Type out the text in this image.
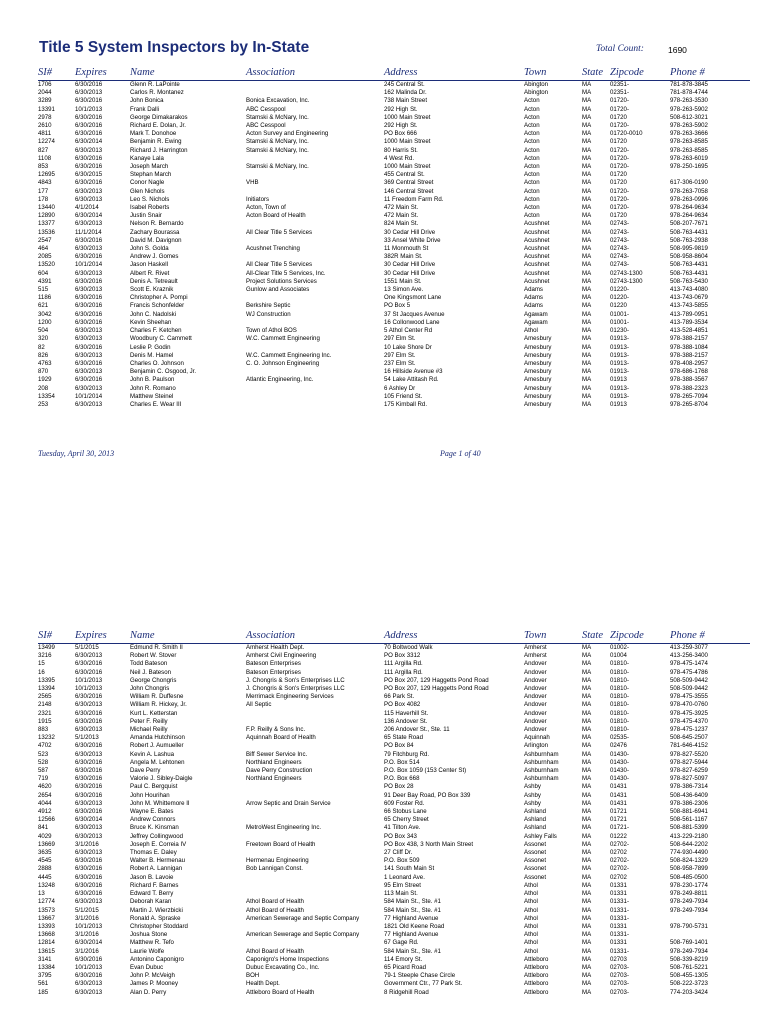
Title 5 System Inspectors by In-State	Total Count:	1690
SI#	Expires	Name	Association	Address	Town	State	Zipcode	Phone #
1706	6/30/2016	Glenn R. LaPointe		245 Central St.	Abington	MA	02351-	781-878-3845
2044	6/30/2013	Carlos R. Montanez		162 Malinda Dr.	Abington	MA	02351-	781-878-4744
3289	6/30/2016	John Bonica	Bonica Excavation, Inc.	738 Main Street	Acton	MA	01720-	978-263-3530
13391	10/1/2013	Frank Dalli	ABC Cesspool	292 High St.	Acton	MA	01720-	978-263-5902
2978	6/30/2016	George Dimakarakos	Stamski & McNary, Inc.	1000 Main Street	Acton	MA	01720	508-612-3021
2610	6/30/2016	Richard E. Dolan, Jr.	ABC Cesspool	292 High St.	Acton	MA	01720-	978-263-5902
4811	6/30/2016	Mark T. Donohoe	Acton Survey and Engineering	PO Box 666	Acton	MA	01720-0010	978-263-3666
12274	6/30/2014	Benjamin R. Ewing	Stamski & McNary, Inc.	1000 Main Street	Acton	MA	01720	978-263-8585
827	6/30/2013	Richard J. Harrington	Stamski & McNary, Inc.	80 Harris St.	Acton	MA	01720-	978-263-8585
1108	6/30/2016	Kanaye Lala		4 West Rd.	Acton	MA	01720-	978-263-6019
853	6/30/2016	Joseph March	Stamski & McNary, Inc.	1000 Main Street	Acton	MA	01720-	978-250-1695
12695	6/30/2015	Stephan March		455 Central St.	Acton	MA	01720	
4843	6/30/2016	Conor Nagle	VHB	369 Central Street	Acton	MA	01720	617-306-0190
177	6/30/2013	Glen Nichols		146 Central Street	Acton	MA	01720-	978-263-7058
178	6/30/2013	Leo S. Nichols	Initiators	11 Freedom Farm Rd.	Acton	MA	01720-	978-263-0996
13440	4/1/2014	Isabel Roberts	Acton, Town of	472 Main St.	Acton	MA	01720-	978-264-9634
12890	6/30/2014	Justin Snair	Acton Board of Health	472 Main St.	Acton	MA	01720	978-264-9634
13377	6/30/2013	Nelson R. Bernardo		824 Main St.	Acushnet	MA	02743-	508-207-7671
13536	11/1/2014	Zachary Bourassa	All Clear Title 5 Services	30 Cedar Hill Drive	Acushnet	MA	02743-	508-763-4431
2547	6/30/2016	David M. Davignon		33 Ansel White Drive	Acushnet	MA	02743-	508-763-2938
464	6/30/2013	John S. Golda	Acushnet Trenching	11 Monmouth St	Acushnet	MA	02743-	508-995-9819
2085	6/30/2016	Andrew J. Gomes		382R Main St.	Acushnet	MA	02743-	508-958-8604
13520	10/1/2014	Jason Haskell	All Clear Title 5 Services	30 Cedar Hill Drive	Acushnet	MA	02743-	508-763-4431
604	6/30/2013	Albert R. Rivet	All-Clear Title 5 Services, Inc.	30 Cedar Hill Drive	Acushnet	MA	02743-1300	508-763-4431
4391	6/30/2016	Denis A. Tetreault	Project Solutions Services	1551 Main St.	Acushnet	MA	02743-1300	508-763-5430
515	6/30/2013	Scott E. Kraznik	Gunlow and Associates	13 Simon Ave.	Adams	MA	01220-	413-743-4080
1186	6/30/2016	Christopher A. Pompi		One Kingsmont Lane	Adams	MA	01220-	413-743-0679
621	6/30/2016	Francis Schonfelder	Berkshire Septic	PO Box 5	Adams	MA	01220	413-743-5855
3042	6/30/2016	John C. Nadolski	WJ Construction	37 St Jacques Avenue	Agawam	MA	01001-	413-789-0951
1200	6/30/2016	Kevin Sheehan		16 Collonwood Lane	Agawam	MA	01001-	413-789-3534
504	6/30/2013	Charles F. Ketchen	Town of Athol BOS	5 Athol Center Rd	Athol	MA	01230-	413-528-4851
320	6/30/2013	Woodbury C. Cammett	W.C. Cammett Engineering	297 Elm St.	Amesbury	MA	01913-	978-388-2157
82	6/30/2016	Leslie P. Godin		10 Lake Shore Dr	Amesbury	MA	01913-	978-388-1084
826	6/30/2013	Denis M. Hamel	W.C. Cammett Engineering Inc.	297 Elm St.	Amesbury	MA	01913-	978-388-2157
4763	6/30/2016	Charles O. Johnson	C. O. Johnson Engineering	237 Elm St.	Amesbury	MA	01913-	978-408-2957
870	6/30/2013	Benjamin C. Osgood, Jr.		16 Hillside Avenue #3	Amesbury	MA	01913-	978-686-1768
1929	6/30/2016	John B. Paulson	Atlantic Engineering, Inc.	54 Lake Attitash Rd.	Amesbury	MA	01913	978-388-3567
208	6/30/2013	John R. Romano		6 Ashley Dr	Amesbury	MA	01913-	978-388-2323
13354	10/1/2014	Matthew Steinel		105 Friend St.	Amesbury	MA	01913-	978-265-7094
253	6/30/2013	Charles E. Wear III		175 Kimball Rd.	Amesbury	MA	01913	978-265-8704
Tuesday, April 30, 2013	Page 1 of 40
SI#	Expires	Name	Association	Address	Town	State	Zipcode	Phone #
13499	5/1/2015	Edmund R. Smith II	Amherst Health Dept.	70 Boltwood Walk	Amherst	MA	01002-	413-259-3077
3216	6/30/2013	Robert W. Stover	Amherst Civil Engineering	PO Box 3312	Amherst	MA	01004	413-256-3400
15	6/30/2016	Todd Bateson	Bateson Enterprises	111 Argilla Rd.	Andover	MA	01810-	978-475-1474
16	6/30/2016	Neil J. Bateson	Bateson Enterprises	111 Argilla Rd.	Andover	MA	01810-	978-475-4786
13395	10/1/2013	George Chongris	J. Chongris & Son's Enterprises LLC	PO Box 207, 129 Haggetts Pond Road	Andover	MA	01810-	508-509-9442
13394	10/1/2013	John Chongris	J. Chongris & Son's Enterprises LLC	PO Box 207, 129 Haggetts Pond Road	Andover	MA	01810-	508-509-9442
2565	6/30/2016	William R. Duffesne	Merrimack Engineering Services	66 Park St.	Andover	MA	01810-	978-475-3555
2148	6/30/2013	William R. Hickey, Jr.	All Septic	PO Box 4082	Andover	MA	01810-	978-470-0760
2321	6/30/2016	Kurt L. Ketterstan		115 Haverhill St.	Andover	MA	01810-	978-475-3925
1915	6/30/2016	Peter F. Reilly		136 Andover St.	Andover	MA	01810-	978-475-4370
883	6/30/2013	Michael Reilly	F.P. Reilly & Sons Inc.	206 Andover St., Ste. 11	Andover	MA	01810-	978-475-1237
13232	5/1/2013	Amanda Hutchinson	Aquinnah Board of Health	65 State Road	Aquinnah	MA	02535-	508-645-2507
4702	6/30/2016	Robert J. Aumueller		PO Box 84	Arlington	MA	02476	781-646-4152
523	6/30/2013	Kevin A. Lashua	Biff Sewer Service Inc.	79 Fitchburg Rd.	Ashburnham	MA	01430-	978-827-5520
528	6/30/2016	Angela M. Lehtonen	Northland Engineers	P.O. Box 514	Ashburnham	MA	01430-	978-827-5944
587	6/30/2016	Dave Perry	Dave Perry Construction	P.O. Box 1059 (153 Center St)	Ashburnham	MA	01430-	978-827-6259
719	6/30/2016	Valorie J. Sibley-Daigle	Northland Engineers	P.O. Box 668	Ashburnham	MA	01430-	978-827-5097
4620	6/30/2016	Paul C. Bergquist		PO Box 28	Ashby	MA	01431	978-386-7314
2654	6/30/2016	John Hourihan		91 Deer Bay Road, PO Box 339	Ashby	MA	01431	508-436-6409
4044	6/30/2013	John M. Whittemore II	Arrow Septic and Drain Service	609 Foster Rd.	Ashby	MA	01431	978-386-2306
4912	6/30/2016	Wayne E. Bates		66 Stobus Lane	Ashland	MA	01721	508-881-6941
12566	6/30/2014	Andrew Connors		65 Cherry Street	Ashland	MA	01721	508-561-1167
841	6/30/2013	Bruce K. Kinsman	MetroWest Engineering Inc.	41 Tilton Ave.	Ashland	MA	01721-	508-881-5399
4029	6/30/2013	Jeffrey Collingwood		PO Box 343	Ashley Falls	MA	01222	413-229-2180
13669	3/1/2016	Joseph E. Correia IV	Freetown Board of Health	PO Box 438, 3 North Main Street	Assonet	MA	02702-	508-644-2202
3635	6/30/2013	Thomas E. Daley		27 Cliff Dr.	Assonet	MA	02702	774-930-4490
4545	6/30/2016	Walter B. Hermenau	Hermenau Engineering	P.O. Box 509	Assonet	MA	02702-	508-824-1329
2888	6/30/2016	Robert A. Lannigan	Bob Lannigan Const.	141 South Main St	Assonet	MA	02702-	508-958-7899
4445	6/30/2016	Jason B. Lavoie		1 Leonard Ave.	Assonet	MA	02702	508-485-0500
13248	6/30/2016	Richard F. Barnes		95 Elm Street	Athol	MA	01331	978-230-1774
13	6/30/2016	Edward T. Berry		113 Main St.	Athol	MA	01331	978-249-8811
12774	6/30/2013	Deborah Karan	Athol Board of Health	584 Main St., Ste. #1	Athol	MA	01331-	978-249-7934
13573	5/1/2015	Martin J. Wierzbicki	Athol Board of Health	584 Main St., Ste. #1	Athol	MA	01331-	978-249-7934
13667	3/1/2016	Ronald A. Spraske	American Sewerage and Septic Company	77 Highland Avenue	Athol	MA	01331-	
13393	10/1/2013	Christopher Stoddard		1821 Old Keene Road	Athol	MA	01331	978-790-5731
13668	3/1/2016	Joshua Stone	American Sewerage and Septic Company	77 Highland Avenue	Athol	MA	01331-	
12814	6/30/2014	Matthew R. Tefo		67 Gage Rd.	Athol	MA	01331	508-769-1401
13615	3/1/2016	Laurie Wolfe	Athol Board of Health	584 Main St., Ste. #1	Athol	MA	01331-	978-249-7934
3141	6/30/2016	Antonino Caponigro	Caponigro's Home Inspections	114 Emory St.	Attleboro	MA	02703	508-339-8219
13384	10/1/2013	Evan Dubuc	Dubuc Excavating Co., Inc.	65 Picard Road	Attleboro	MA	02703-	508-761-5221
3795	6/30/2016	John P. McVeigh	BOH	79-1 Steeple Chase Circle	Attleboro	MA	02703-	508-455-1305
561	6/30/2013	James P. Mooney	Health Dept.	Government Ctr., 77 Park St.	Attleboro	MA	02703-	508-222-3723
185	6/30/2013	Alan D. Perry	Attleboro Board of Health	8 Ridgehill Road	Attleboro	MA	02703-	774-203-3424
